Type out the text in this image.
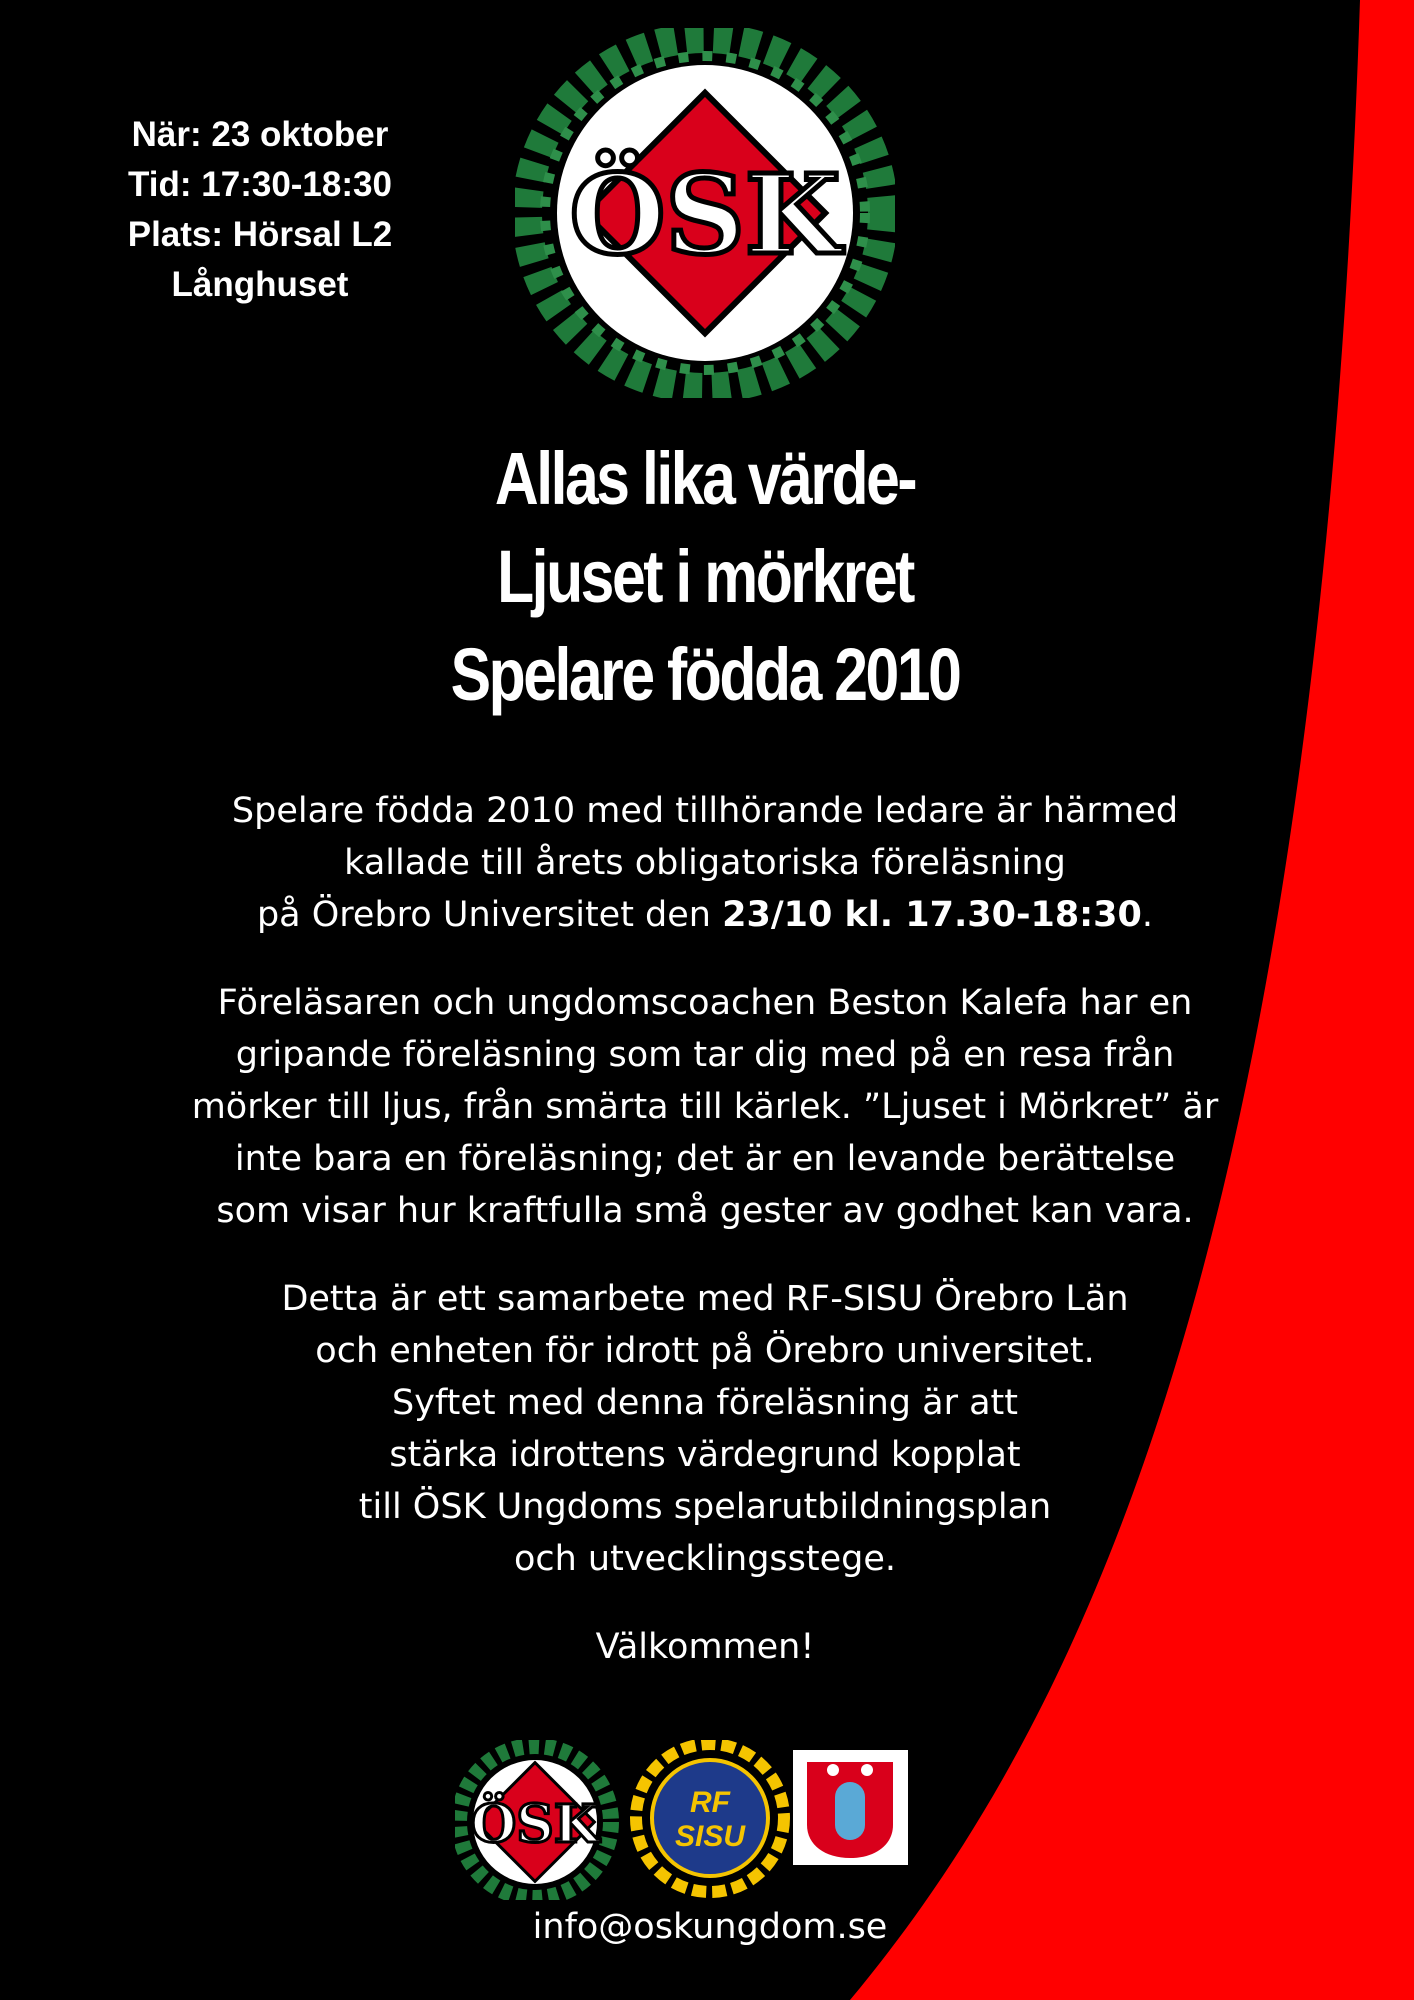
När: 23 oktober
Tid: 17:30-18:30
Plats: Hörsal L2
Långhuset
ÖSK
Allas lika värde-
Ljuset i mörkret
Spelare födda 2010

Spelare födda 2010 med tillhörande ledare är härmed
kallade till årets obligatoriska föreläsning
på Örebro Universitet den 23/10 kl. 17.30-18:30.

Föreläsaren och ungdomscoachen Beston Kalefa har en
gripande föreläsning som tar dig med på en resa från
mörker till ljus, från smärta till kärlek. ”Ljuset i Mörkret” är
inte bara en föreläsning; det är en levande berättelse
som visar hur kraftfulla små gester av godhet kan vara.

Detta är ett samarbete med RF-SISU Örebro Län
och enheten för idrott på Örebro universitet.
Syftet med denna föreläsning är att
stärka idrottens värdegrund kopplat
till ÖSK Ungdoms spelarutbildningsplan
och utvecklingsstege.

Välkommen!

ÖSK	RF
SISU
info@oskungdom.se
